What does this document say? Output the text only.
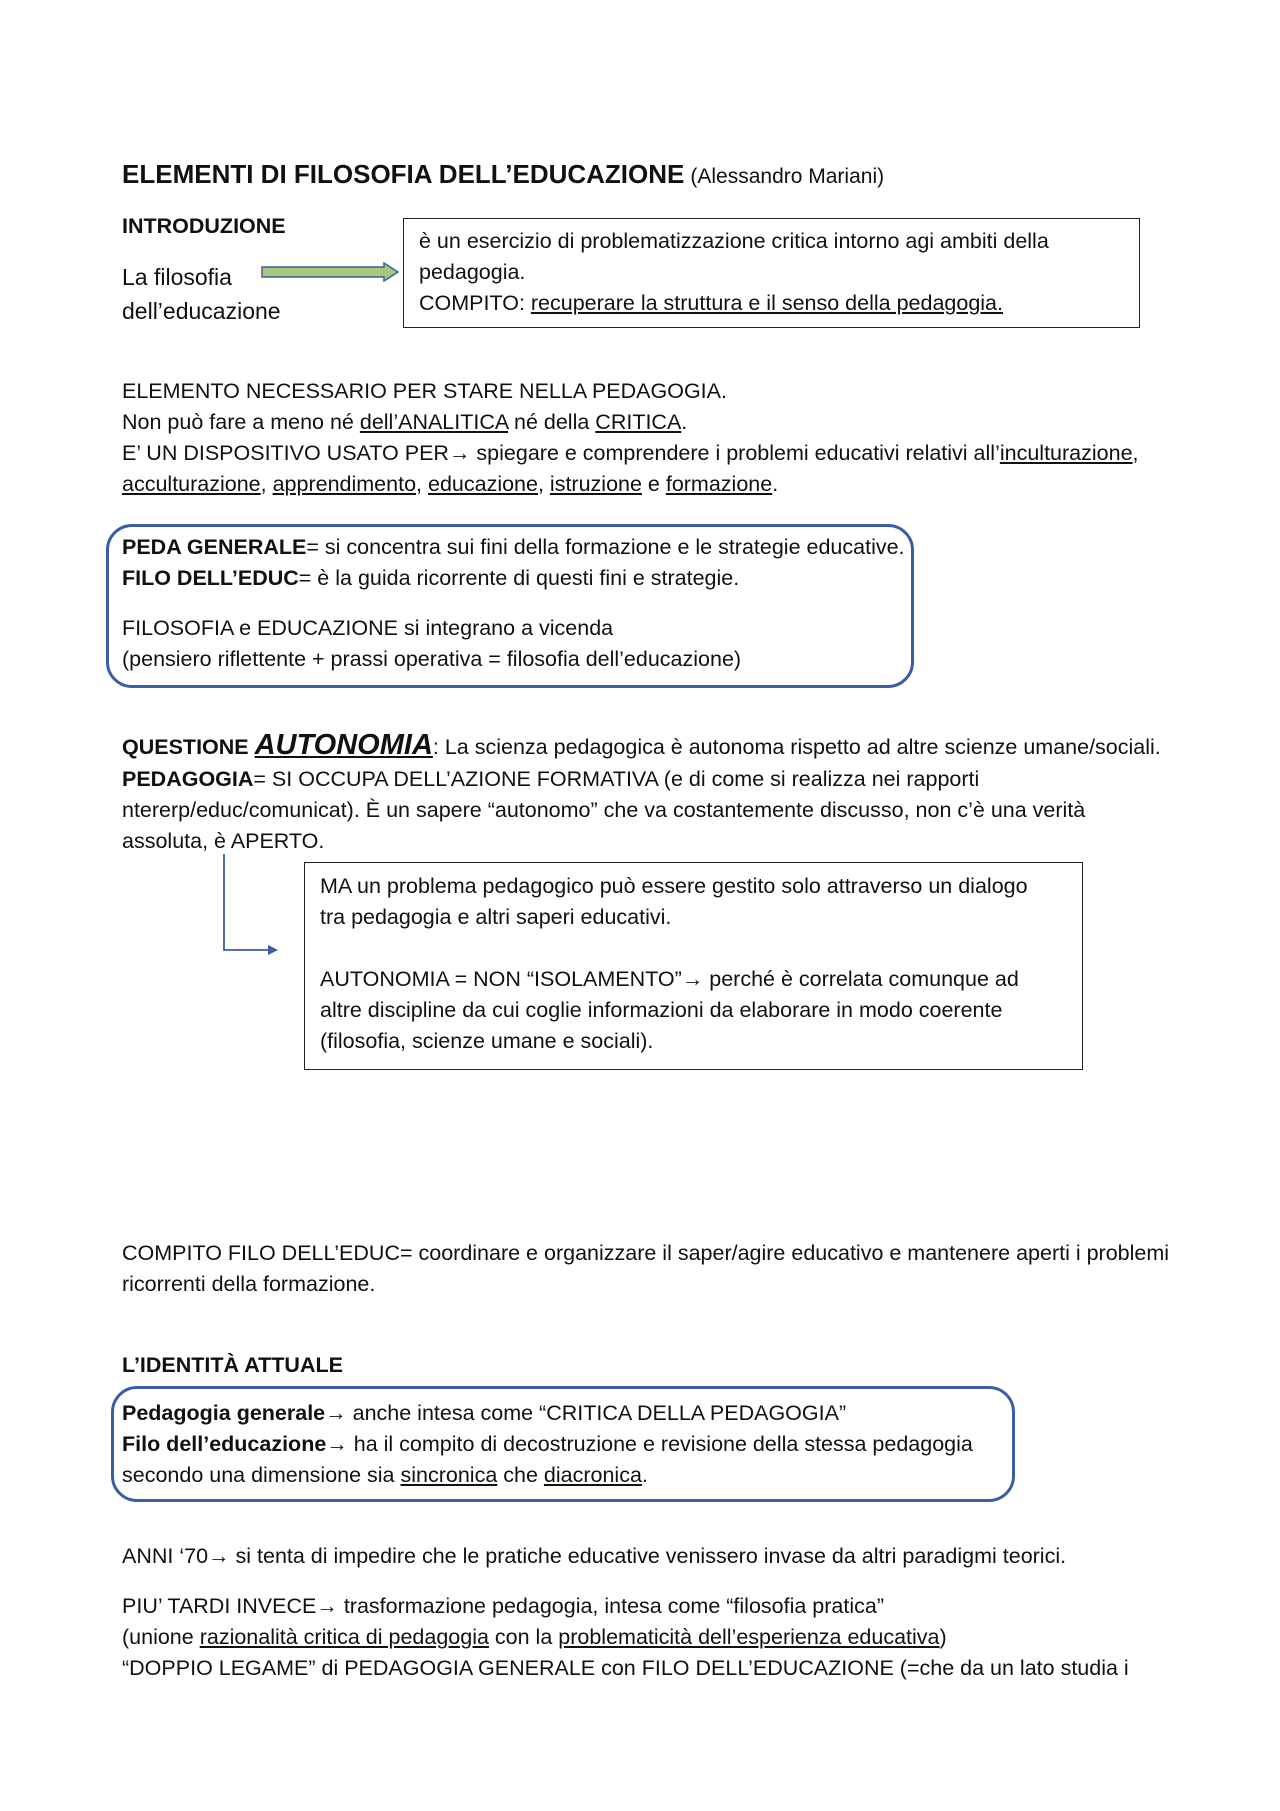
ELEMENTI DI FILOSOFIA DELL’EDUCAZIONE (Alessandro Mariani)
INTRODUZIONE
La filosofia
dell’educazione
è un esercizio di problematizzazione critica intorno agi ambiti della
pedagogia.
COMPITO: recuperare la struttura e il senso della pedagogia.
ELEMENTO NECESSARIO PER STARE NELLA PEDAGOGIA.
Non può fare a meno né dell’ANALITICA né della CRITICA.
E’ UN DISPOSITIVO USATO PER→ spiegare e comprendere i problemi educativi relativi all’inculturazione,
acculturazione, apprendimento, educazione, istruzione e formazione.
PEDA GENERALE= si concentra sui fini della formazione e le strategie educative.
FILO DELL’EDUC= è la guida ricorrente di questi fini e strategie.
FILOSOFIA e EDUCAZIONE si integrano a vicenda
(pensiero riflettente + prassi operativa = filosofia dell’educazione)
QUESTIONE AUTONOMIA: La scienza pedagogica è autonoma rispetto ad altre scienze umane/sociali.
PEDAGOGIA= SI OCCUPA DELL’AZIONE FORMATIVA (e di come si realizza nei rapporti
ntererp/educ/comunicat). È un sapere “autonomo” che va costantemente discusso, non c’è una verità
assoluta, è APERTO.
MA un problema pedagogico può essere gestito solo attraverso un dialogo
tra pedagogia e altri saperi educativi.
AUTONOMIA = NON “ISOLAMENTO”→ perché è correlata comunque ad
altre discipline da cui coglie informazioni da elaborare in modo coerente
(filosofia, scienze umane e sociali).
COMPITO FILO DELL’EDUC= coordinare e organizzare il saper/agire educativo e mantenere aperti i problemi
ricorrenti della formazione.
L’IDENTITÀ ATTUALE
Pedagogia generale→ anche intesa come “CRITICA DELLA PEDAGOGIA”
Filo dell’educazione→ ha il compito di decostruzione e revisione della stessa pedagogia
secondo una dimensione sia sincronica che diacronica.
ANNI ‘70→ si tenta di impedire che le pratiche educative venissero invase da altri paradigmi teorici.
PIU’ TARDI INVECE→ trasformazione pedagogia, intesa come “filosofia pratica”
(unione razionalità critica di pedagogia con la problematicità dell’esperienza educativa)
“DOPPIO LEGAME” di PEDAGOGIA GENERALE con FILO DELL’EDUCAZIONE (=che da un lato studia i
